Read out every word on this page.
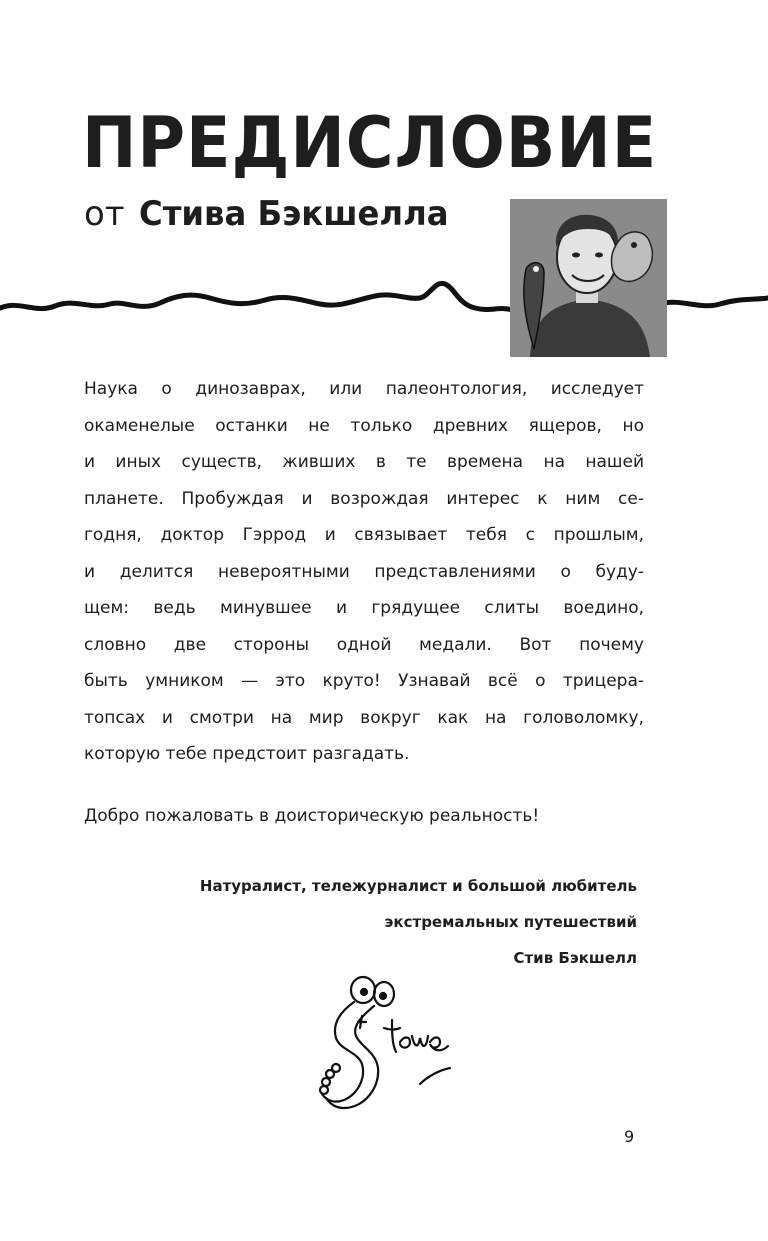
ПРЕДИСЛОВИЕ
от Стива Бэкшелла
Наука о динозаврах, или палеонтология, исследует
окаменелые останки не только древних ящеров, но
и иных существ, живших в те времена на нашей
планете. Пробуждая и возрождая интерес к ним се-
годня, доктор Гэррод и связывает тебя с прошлым,
и делится невероятными представлениями о буду-
щем: ведь минувшее и грядущее слиты воедино,
словно две стороны одной медали. Вот почему
быть умником — это круто! Узнавай всё о трицера-
топсах и смотри на мир вокруг как на головоломку,
которую тебе предстоит разгадать.
Добро пожаловать в доисторическую реальность!
Натуралист, тележурналист и большой любитель
экстремальных путешествий
Стив Бэкшелл
9
